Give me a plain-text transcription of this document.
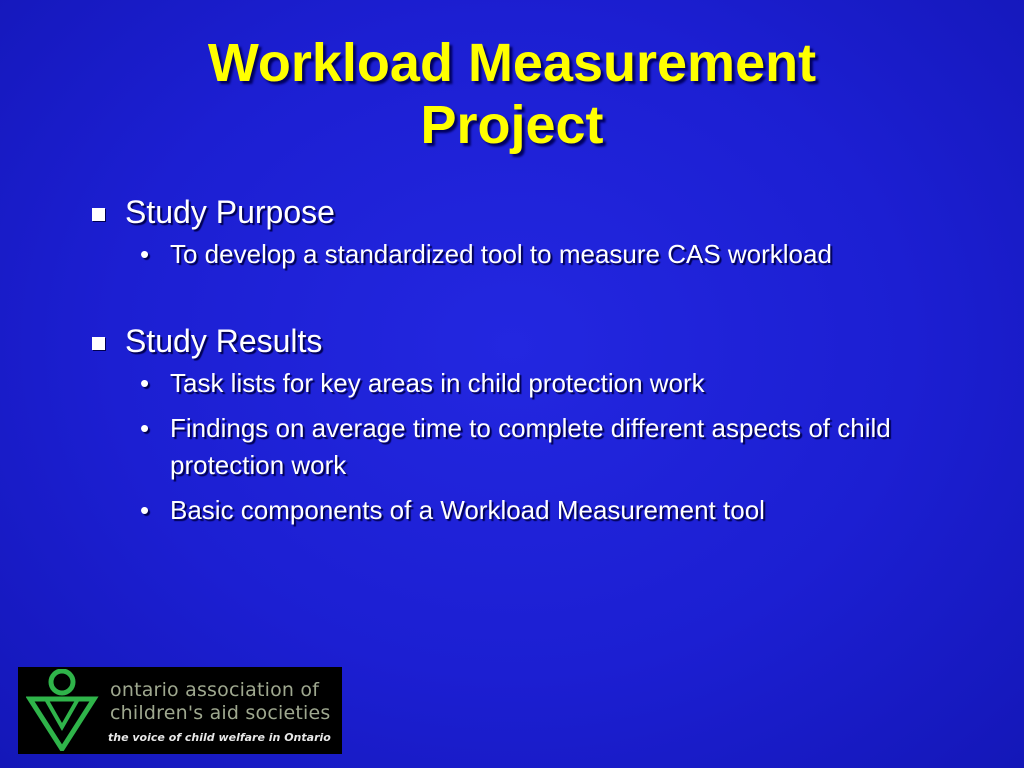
Workload Measurement
Project
Study Purpose
• To develop a standardized tool to measure CAS workload
Study Results
• Task lists for key areas in child protection work
• Findings on average time to complete different aspects of child protection work
• Basic components of a Workload Measurement tool
ontario association of
children's aid societies
the voice of child welfare in Ontario
